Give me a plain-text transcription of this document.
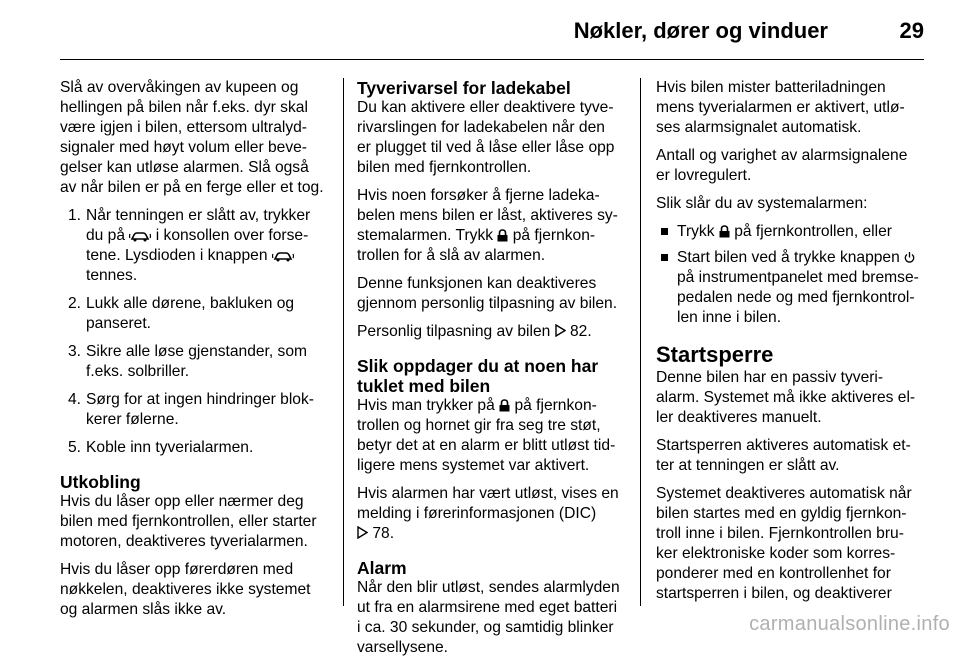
Nøkler, dører og vinduer	29

Slå av overvåkingen av kupeen og
hellingen på bilen når f.eks. dyr skal
være igjen i bilen, ettersom ultralyd-
signaler med høyt volum eller beve-
gelser kan utløse alarmen. Slå også
av når bilen er på en ferge eller et tog.

1. Når tenningen er slått av, trykker
du på i konsollen over forse-
tene. Lysdioden i knappen
tennes.
2. Lukk alle dørene, bakluken og
panseret.
3. Sikre alle løse gjenstander, som
f.eks. solbriller.
4. Sørg for at ingen hindringer blok-
kerer følerne.
5. Koble inn tyverialarmen.
Utkobling

Hvis du låser opp eller nærmer deg
bilen med fjernkontrollen, eller starter
motoren, deaktiveres tyverialarmen.

Hvis du låser opp førerdøren med
nøkkelen, deaktiveres ikke systemet
og alarmen slås ikke av.

Tyverivarsel for ladekabel

Du kan aktivere eller deaktivere tyve-
rivarslingen for ladekabelen når den
er plugget til ved å låse eller låse opp
bilen med fjernkontrollen.

Hvis noen forsøker å fjerne ladeka-
belen mens bilen er låst, aktiveres sy-
stemalarmen. Trykk på fjernkon-
trollen for å slå av alarmen.

Denne funksjonen kan deaktiveres
gjennom personlig tilpasning av bilen.

Personlig tilpasning av bilen 82.

Slik oppdager du at noen har
tuklet med bilen

Hvis man trykker på på fjernkon-
trollen og hornet gir fra seg tre støt,
betyr det at en alarm er blitt utløst tid-
ligere mens systemet var aktivert.

Hvis alarmen har vært utløst, vises en
melding i førerinformasjonen (DIC)
78.

Alarm

Når den blir utløst, sendes alarmlyden
ut fra en alarmsirene med eget batteri
i ca. 30 sekunder, og samtidig blinker
varsellysene.

Hvis bilen mister batteriladningen
mens tyverialarmen er aktivert, utlø-
ses alarmsignalet automatisk.

Antall og varighet av alarmsignalene
er lovregulert.

Slik slår du av systemalarmen:

Trykk på fjernkontrollen, eller
Start bilen ved å trykke knappen
på instrumentpanelet med bremse-
pedalen nede og med fjernkontrol-
len inne i bilen.
Startsperre

Denne bilen har en passiv tyveri-
alarm. Systemet må ikke aktiveres el-
ler deaktiveres manuelt.

Startsperren aktiveres automatisk et-
ter at tenningen er slått av.

Systemet deaktiveres automatisk når
bilen startes med en gyldig fjernkon-
troll inne i bilen. Fjernkontrollen bru-
ker elektroniske koder som korres-
ponderer med en kontrollenhet for
startsperren i bilen, og deaktiverer

carmanualsonline.info
